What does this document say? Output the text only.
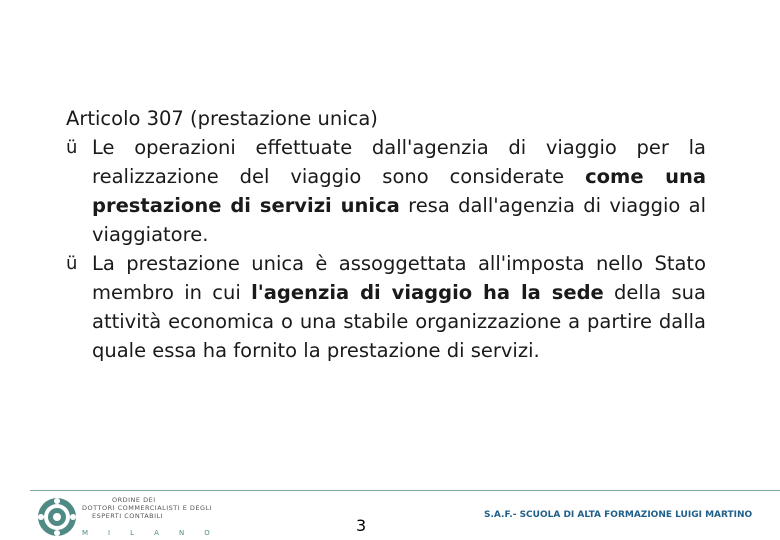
Articolo 307 (prestazione unica)

ü Le operazioni effettuate dall'agenzia di viaggio per la realizzazione del viaggio sono considerate come una prestazione di servizi unica resa dall'agenzia di viaggio al viaggiatore.

ü La prestazione unica è assoggettata all'imposta nello Stato membro in cui l'agenzia di viaggio ha la sede della sua attività economica o una stabile organizzazione a partire dalla quale essa ha fornito la prestazione di servizi.

ORDINE DEI
DOTTORI COMMERCIALISTI E DEGLI
ESPERTI CONTABILI
MILANO	3
S.A.F.- SCUOLA DI ALTA FORMAZIONE LUIGI MARTINO
